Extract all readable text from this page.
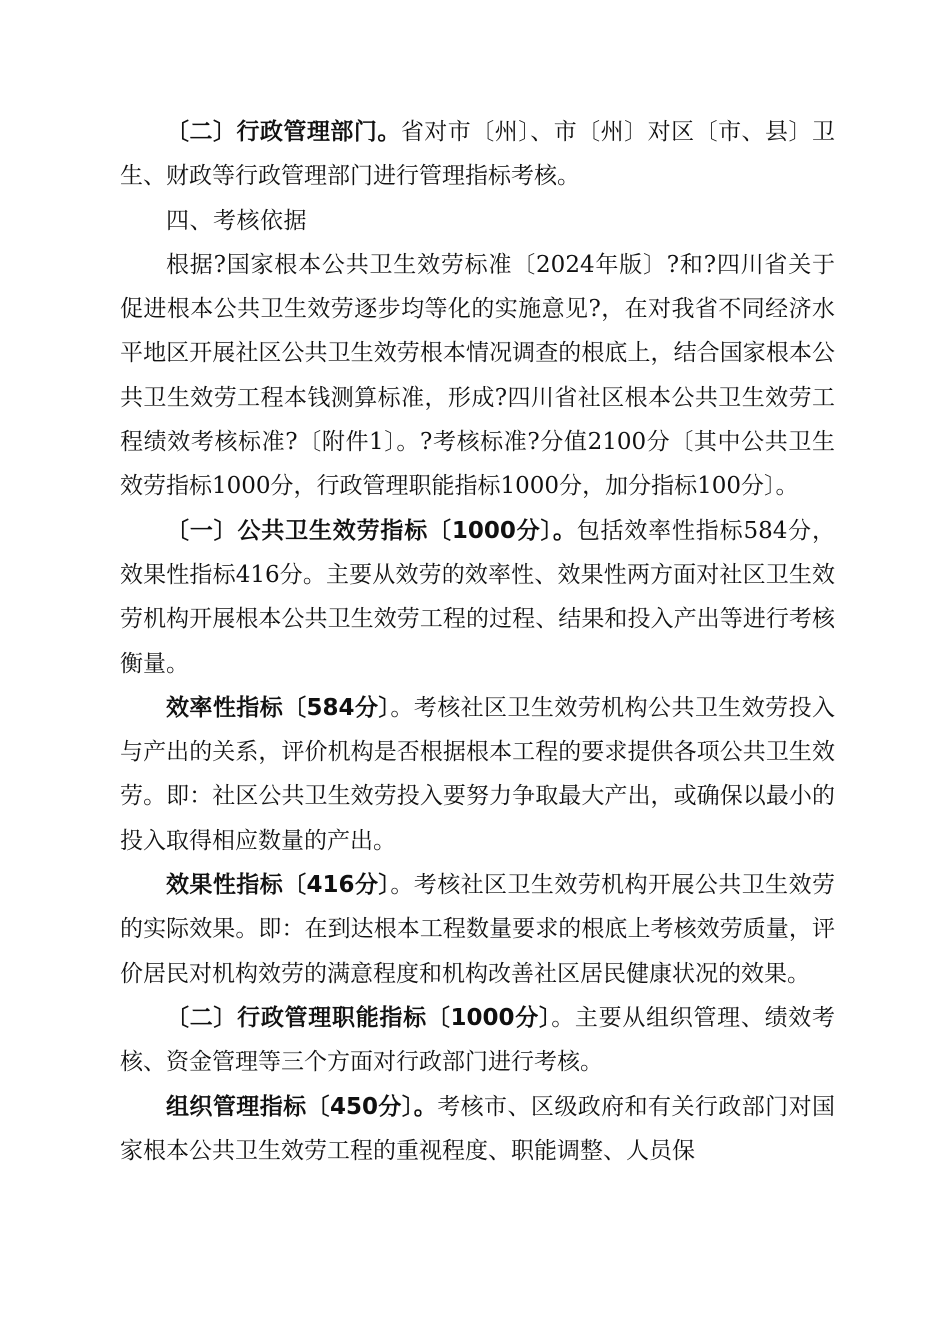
〔二〕行政管理部门。省对市〔州〕、市〔州〕对区〔市、县〕卫生、财政等行政管理部门进行管理指标考核。

四、考核依据

根据?国家根本公共卫生效劳标准〔2024年版〕?和?四川省关于促进根本公共卫生效劳逐步均等化的实施意见?，在对我省不同经济水平地区开展社区公共卫生效劳根本情况调查的根底上，结合国家根本公共卫生效劳工程本钱测算标准，形成?四川省社区根本公共卫生效劳工程绩效考核标准?〔附件1〕。?考核标准?分值2100分〔其中公共卫生效劳指标1000分，行政管理职能指标1000分，加分指标100分〕。

〔一〕公共卫生效劳指标〔1000分〕。包括效率性指标584分，效果性指标416分。主要从效劳的效率性、效果性两方面对社区卫生效劳机构开展根本公共卫生效劳工程的过程、结果和投入产出等进行考核衡量。

效率性指标〔584分〕。考核社区卫生效劳机构公共卫生效劳投入与产出的关系，评价机构是否根据根本工程的要求提供各项公共卫生效劳。即：社区公共卫生效劳投入要努力争取最大产出，或确保以最小的投入取得相应数量的产出。

效果性指标〔416分〕。考核社区卫生效劳机构开展公共卫生效劳的实际效果。即：在到达根本工程数量要求的根底上考核效劳质量，评价居民对机构效劳的满意程度和机构改善社区居民健康状况的效果。

〔二〕行政管理职能指标〔1000分〕。主要从组织管理、绩效考核、资金管理等三个方面对行政部门进行考核。

组织管理指标〔450分〕。考核市、区级政府和有关行政部门对国家根本公共卫生效劳工程的重视程度、职能调整、人员保
